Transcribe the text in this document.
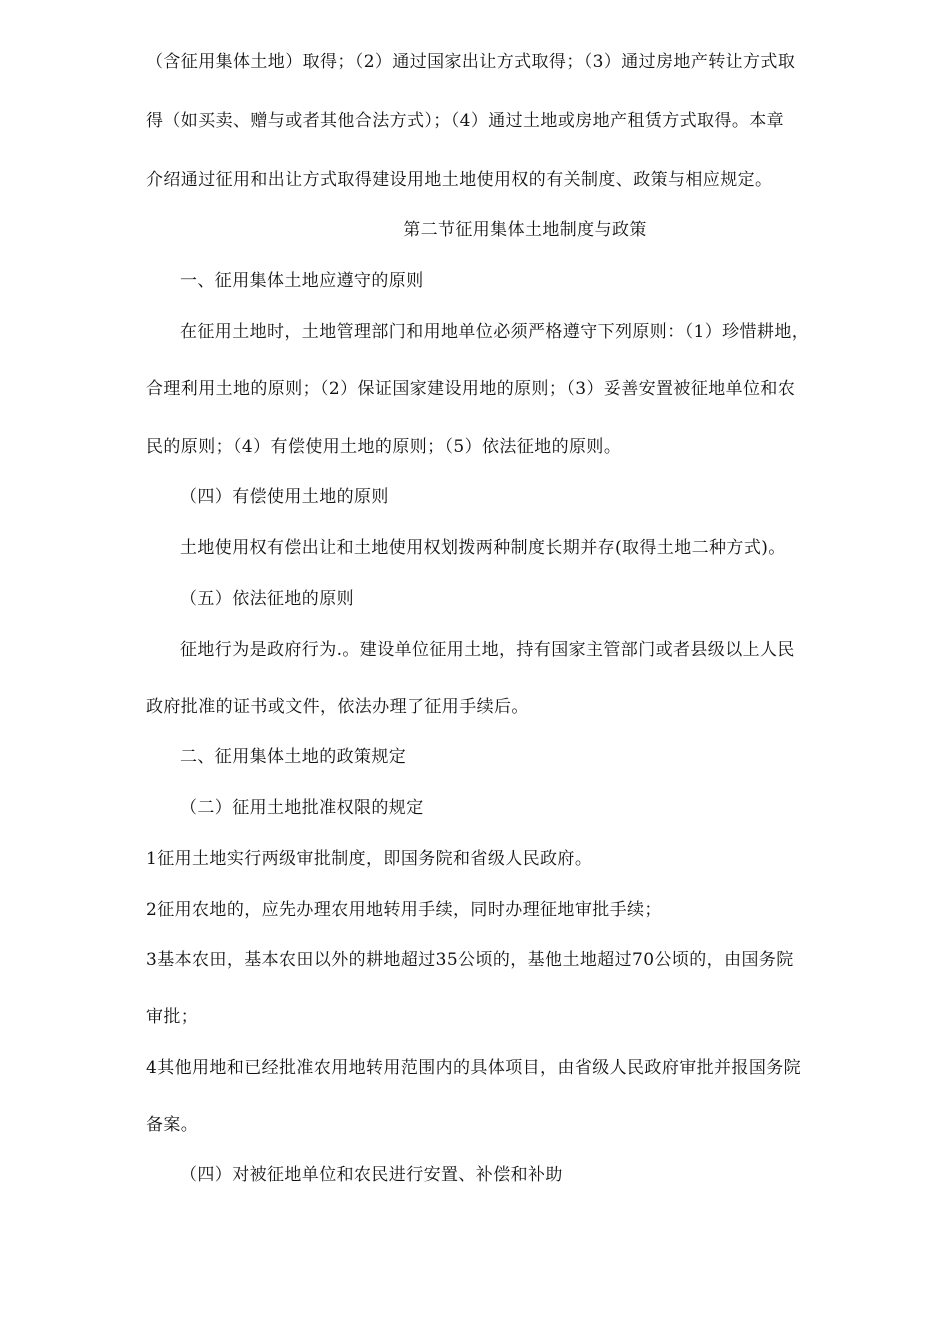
（含征用集体土地）取得；（2）通过国家出让方式取得；（3）通过房地产转让方式取
得（如买卖、赠与或者其他合法方式）；（4）通过土地或房地产租赁方式取得。本章
介绍通过征用和出让方式取得建设用地土地使用权的有关制度、政策与相应规定。
第二节征用集体土地制度与政策
一、征用集体土地应遵守的原则
在征用土地时，土地管理部门和用地单位必须严格遵守下列原则：（1）珍惜耕地，
合理利用土地的原则；（2）保证国家建设用地的原则；（3）妥善安置被征地单位和农
民的原则；（4）有偿使用土地的原则；（5）依法征地的原则。
（四）有偿使用土地的原则
土地使用权有偿出让和土地使用权划拨两种制度长期并存(取得土地二种方式)。
（五）依法征地的原则
征地行为是政府行为.。建设单位征用土地，持有国家主管部门或者县级以上人民
政府批准的证书或文件，依法办理了征用手续后。
二、征用集体土地的政策规定
（二）征用土地批准权限的规定
1征用土地实行两级审批制度，即国务院和省级人民政府。
2征用农地的，应先办理农用地转用手续，同时办理征地审批手续；
3基本农田，基本农田以外的耕地超过35公顷的，基他土地超过70公顷的，由国务院
审批；
4其他用地和已经批准农用地转用范围内的具体项目，由省级人民政府审批并报国务院
备案。
（四）对被征地单位和农民进行安置、补偿和补助
